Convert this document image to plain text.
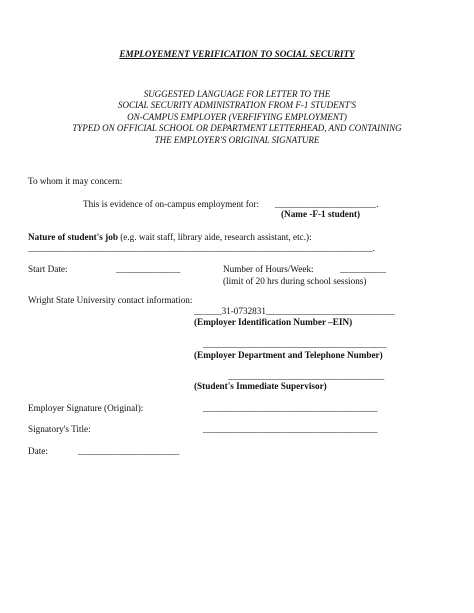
EMPLOYEMENT VERIFICATION TO SOCIAL SECURITY
SUGGESTED LANGUAGE FOR LETTER TO THE
SOCIAL SECURITY ADMINISTRATION FROM F-1 STUDENT'S
ON-CAMPUS EMPLOYER (VERFIFYING EMPLOYMENT)
TYPED ON OFFICIAL SCHOOL OR DEPARTMENT LETTERHEAD, AND CONTAINING
THE EMPLOYER'S ORIGINAL SIGNATURE
To whom it may concern:
This is evidence of on-campus employment for: ______________________.
(Name -F-1 student)
Nature of student's job (e.g. wait staff, library aide, research assistant, etc.):
___________________________________________________________________________.
Start Date:	______________	Number of Hours/Week:	__________
(limit of 20 hrs during school sessions)
Wright State University contact information:
______31-0732831____________________________
(Employer Identification Number –EIN)
________________________________________
(Employer Department and Telephone Number)
__________________________________
(Student's Immediate Supervisor)
Employer Signature (Original):	______________________________________
Signatory's Title:	______________________________________
Date:	______________________
